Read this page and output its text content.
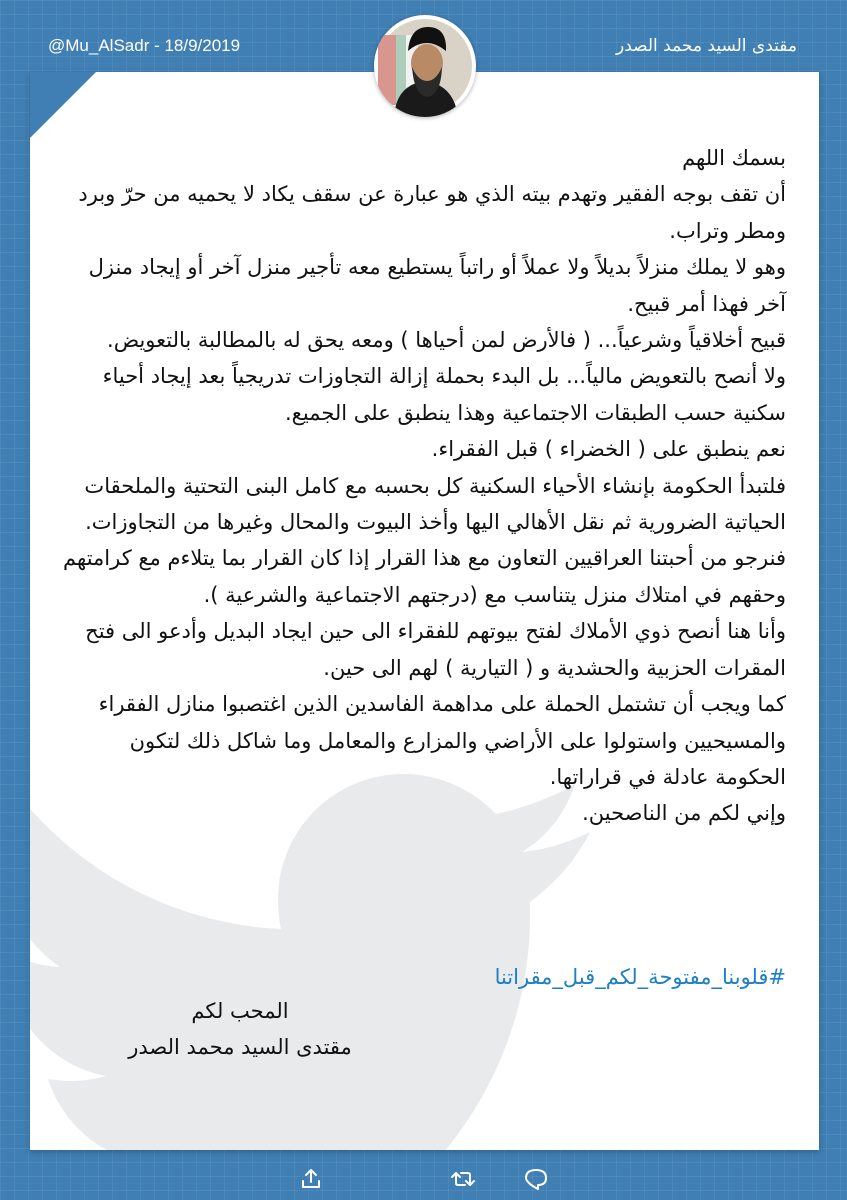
مقتدى السيد محمد الصدر
@Mu_AlSadr - 18/9/2019

بسمك اللهم

أن تقف بوجه الفقير وتهدم بيته الذي هو عبارة عن سقف يكاد لا يحميه من حرّ وبرد ومطر وتراب.

وهو لا يملك منزلاً بديلاً ولا عملاً أو راتباً يستطيع معه تأجير منزل آخر أو إيجاد منزل آخر فهذا أمر قبيح.

قبيح أخلاقياً وشرعياً... ( فالأرض لمن أحياها ) ومعه يحق له بالمطالبة بالتعويض.

ولا أنصح بالتعويض مالياً... بل البدء بحملة إزالة التجاوزات تدريجياً بعد إيجاد أحياء سكنية حسب الطبقات الاجتماعية وهذا ينطبق على الجميع.

نعم ينطبق على ( الخضراء ) قبل الفقراء.

فلتبدأ الحكومة بإنشاء الأحياء السكنية كل بحسبه مع كامل البنى التحتية والملحقات الحياتية الضرورية ثم نقل الأهالي اليها وأخذ البيوت والمحال وغيرها من التجاوزات.

فنرجو من أحبتنا العراقيين التعاون مع هذا القرار إذا كان القرار بما يتلاءم مع كرامتهم وحقهم في امتلاك منزل يتناسب مع (درجتهم الاجتماعية والشرعية ).

وأنا هنا أنصح ذوي الأملاك لفتح بيوتهم للفقراء الى حين ايجاد البديل وأدعو الى فتح المقرات الحزبية والحشدية و ( التيارية ) لهم الى حين.

كما ويجب أن تشتمل الحملة على مداهمة الفاسدين الذين اغتصبوا منازل الفقراء والمسيحيين واستولوا على الأراضي والمزارع والمعامل وما شاكل ذلك لتكون الحكومة عادلة في قراراتها.

وإني لكم من الناصحين.

#قلوبنا_مفتوحة_لكم_قبل_مقراتنا
المحب لكم
مقتدى السيد محمد الصدر
